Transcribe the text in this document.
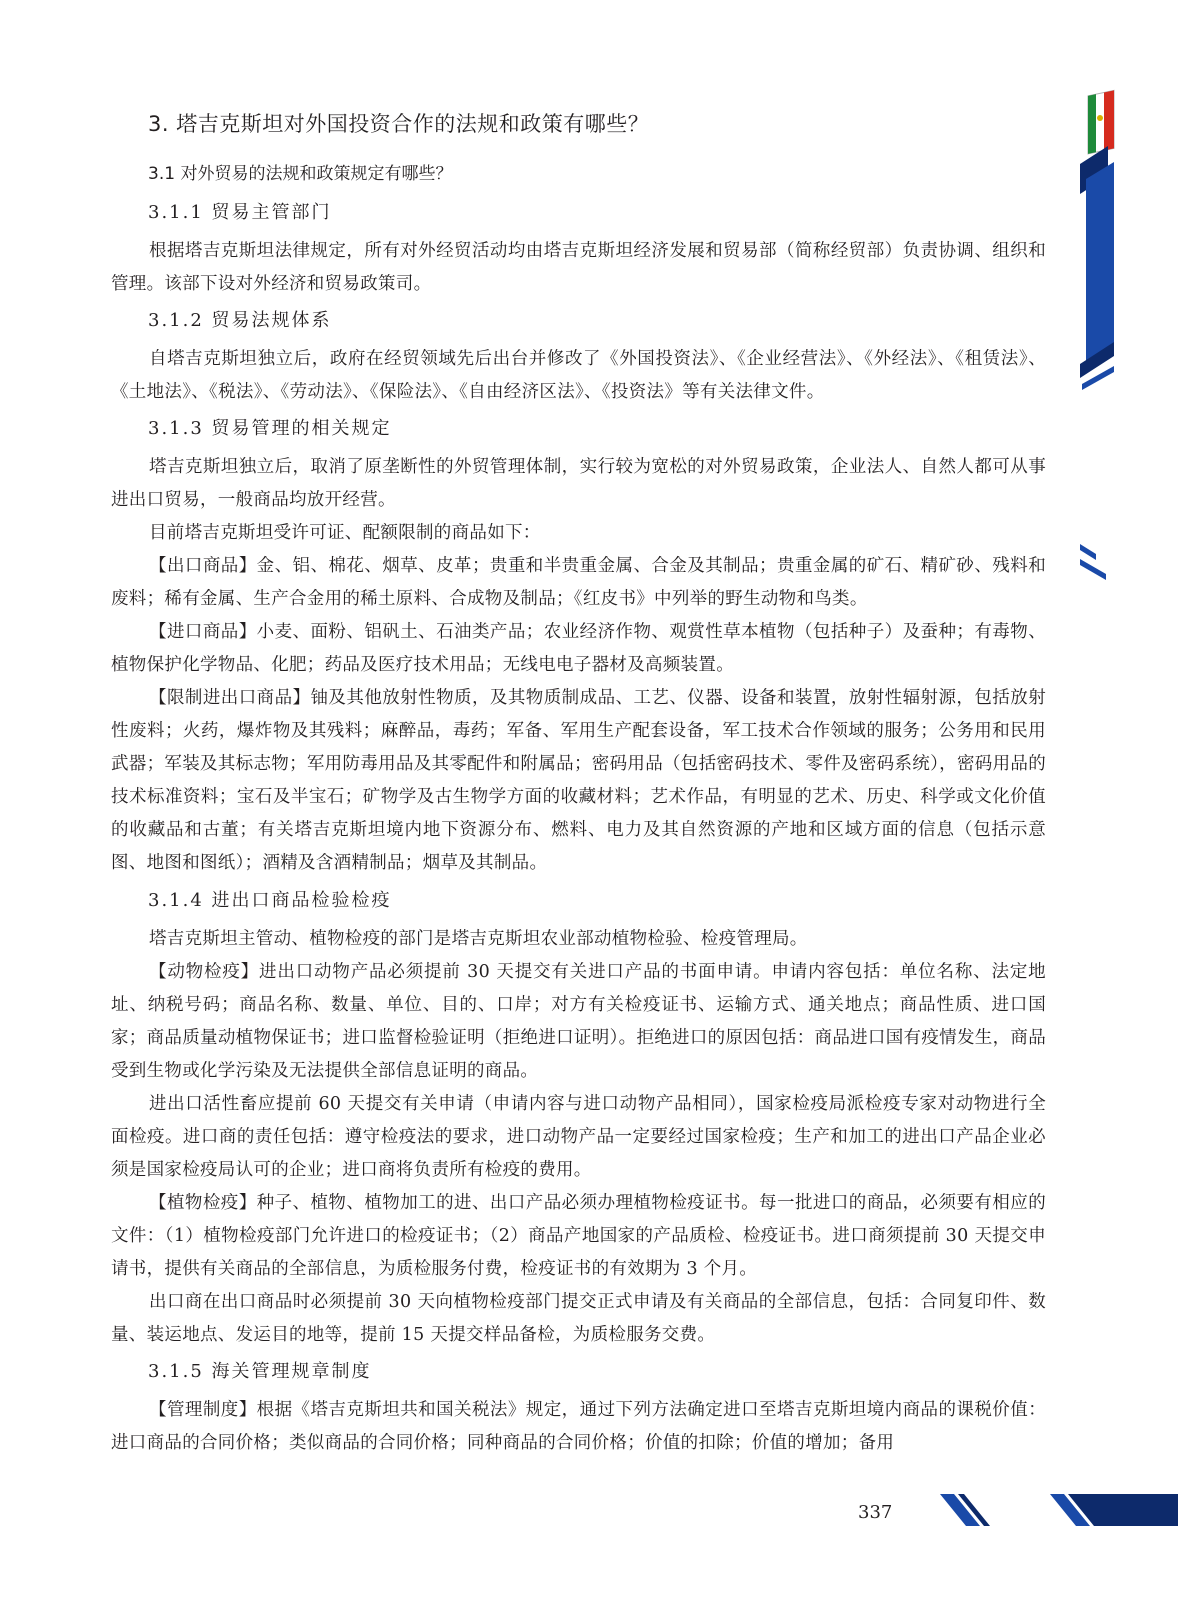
3. 塔吉克斯坦对外国投资合作的法规和政策有哪些？
3.1 对外贸易的法规和政策规定有哪些？
3.1.1 贸易主管部门

根据塔吉克斯坦法律规定，所有对外经贸活动均由塔吉克斯坦经济发展和贸易部（简称经贸部）负责协调、组织和管理。该部下设对外经济和贸易政策司。

3.1.2 贸易法规体系

自塔吉克斯坦独立后，政府在经贸领域先后出台并修改了《外国投资法》、《企业经营法》、《外经法》、《租赁法》、《土地法》、《税法》、《劳动法》、《保险法》、《自由经济区法》、《投资法》等有关法律文件。

3.1.3 贸易管理的相关规定

塔吉克斯坦独立后，取消了原垄断性的外贸管理体制，实行较为宽松的对外贸易政策，企业法人、自然人都可从事进出口贸易，一般商品均放开经营。

目前塔吉克斯坦受许可证、配额限制的商品如下：

【出口商品】金、铝、棉花、烟草、皮革；贵重和半贵重金属、合金及其制品；贵重金属的矿石、精矿砂、残料和废料；稀有金属、生产合金用的稀土原料、合成物及制品；《红皮书》中列举的野生动物和鸟类。

【进口商品】小麦、面粉、铝矾土、石油类产品；农业经济作物、观赏性草本植物（包括种子）及蚕种；有毒物、植物保护化学物品、化肥；药品及医疗技术用品；无线电电子器材及高频装置。

【限制进出口商品】铀及其他放射性物质，及其物质制成品、工艺、仪器、设备和装置，放射性辐射源，包括放射性废料；火药，爆炸物及其残料；麻醉品，毒药；军备、军用生产配套设备，军工技术合作领域的服务；公务用和民用武器；军装及其标志物；军用防毒用品及其零配件和附属品；密码用品（包括密码技术、零件及密码系统），密码用品的技术标准资料；宝石及半宝石；矿物学及古生物学方面的收藏材料；艺术作品，有明显的艺术、历史、科学或文化价值的收藏品和古董；有关塔吉克斯坦境内地下资源分布、燃料、电力及其自然资源的产地和区域方面的信息（包括示意图、地图和图纸）；酒精及含酒精制品；烟草及其制品。

3.1.4 进出口商品检验检疫

塔吉克斯坦主管动、植物检疫的部门是塔吉克斯坦农业部动植物检验、检疫管理局。

【动物检疫】进出口动物产品必须提前 30 天提交有关进口产品的书面申请。申请内容包括：单位名称、法定地址、纳税号码；商品名称、数量、单位、目的、口岸；对方有关检疫证书、运输方式、通关地点；商品性质、进口国家；商品质量动植物保证书；进口监督检验证明（拒绝进口证明）。拒绝进口的原因包括：商品进口国有疫情发生，商品受到生物或化学污染及无法提供全部信息证明的商品。

进出口活性畜应提前 60 天提交有关申请（申请内容与进口动物产品相同），国家检疫局派检疫专家对动物进行全面检疫。进口商的责任包括：遵守检疫法的要求，进口动物产品一定要经过国家检疫；生产和加工的进出口产品企业必须是国家检疫局认可的企业；进口商将负责所有检疫的费用。

【植物检疫】种子、植物、植物加工的进、出口产品必须办理植物检疫证书。每一批进口的商品，必须要有相应的文件：（1）植物检疫部门允许进口的检疫证书；（2）商品产地国家的产品质检、检疫证书。进口商须提前 30 天提交申请书，提供有关商品的全部信息，为质检服务付费，检疫证书的有效期为 3 个月。

出口商在出口商品时必须提前 30 天向植物检疫部门提交正式申请及有关商品的全部信息，包括：合同复印件、数量、装运地点、发运目的地等，提前 15 天提交样品备检，为质检服务交费。

3.1.5 海关管理规章制度

【管理制度】根据《塔吉克斯坦共和国关税法》规定，通过下列方法确定进口至塔吉克斯坦境内商品的课税价值：进口商品的合同价格；类似商品的合同价格；同种商品的合同价格；价值的扣除；价值的增加；备用

337
